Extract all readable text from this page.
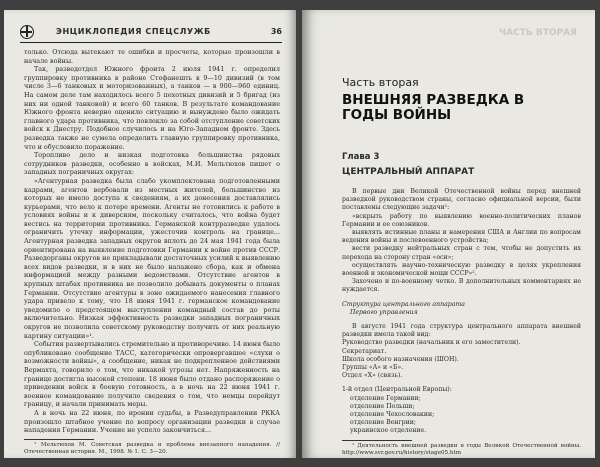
ЭНЦИКЛОПЕДИЯ СПЕЦСЛУЖБ	36

только. Отсюда вытекают те ошибки и просчеты, которые произошли в начале войны.

Так, разведотдел Южного фронта 2 июля 1941 г. определил группировку противника в районе Стефанешть в 9—10 дивизий (в том числе 3—6 танковых и моторизованных), а танков — в 900—960 единиц. На самом деле там находилось всего 5 пехотных дивизий и 5 бригад (из них ни одной танковой) и всего 60 танков. В результате командование Южного фронта неверно оценило ситуацию и вынуждено было ожидать главного удара противника, что повлекло за собой отступление советских войск к Днестру. Подобное случилось и на Юго-Западном фронте. Здесь разведка также не сумела определить главную группировку противника, что и обусловило поражение.

Торопливо дело и низкая подготовка большинства рядовых сотрудников разведки, особенно в войсках, М.И. Мельтюхов пишет о западных пограничных округах:

«Агентурная разведка была слабо укомплектована подготовленными кадрами, агентов вербовали из местных жителей, большинство из которых не имело доступа к сведениям, а их донесения доставлялись курьерами, что вело к потере времени. Агенты не готовились к работе в условиях войны и к диверсиям, поскольку считалось, что война будет вестись на территории противника. Германской контрразведке удалось ограничить утечку информации, ужесточив контроль на границе... Агентурная разведка западных округов вплоть до 24 мая 1941 года была ориентирована на выявление подготовки Германии к войне против СССР. Разведорганы округов не прикладывали достаточных усилий к выявлению всех видов разведки, и в них не было налажено сбора, как и обмена информацией между разными ведомствами. Отсутствие агентов в крупных штабах противника не позволило добывать документы о планах Германии. Отсутствие агентуры в зоне ожидаемого нанесения главного удара привело к тому, что 18 июня 1941 г. германское командование уведомило о предстоящем выступлении командный состав до роты включительно. Низкая эффективность разведки западных пограничных округов не позволила советскому руководству получить от них реальную картину ситуации»¹.

События развертывались стремительно и противоречиво. 14 июня было опубликовано сообщение ТАСС, категорически опровергавшее «слухи о возможности войны», а сообщение, никак не подкрепленное действиями Вермахта, говорило о том, что никакой угрозы нет. Напряженность на границе достигла высокой степени. 18 июня было отдано распоряжение о приведении войск в боевую готовность, а в ночь на 22 июня 1941 г. военное командование получило сведения о том, что немцы перейдут границу, и начали принимать меры.

А в ночь на 22 июня, по иронии судьбы, в Разведуправлении РККА произошло штабное учение по вопросу организации разведки в случае нападения Германии. Учение не успело закончиться...

¹ Мельтюхов М. Советская разведка и проблема внезапного нападения. // Отечественная история. М., 1998. № 1. С. 3—20.

ЧАСТЬ ВТОРАЯ
Часть вторая
ВНЕШНЯЯ РАЗВЕДКА В ГОДЫ ВОЙНЫ
Глава 3
ЦЕНТРАЛЬНЫЙ АППАРАТ

В первые дни Великой Отечественной войны перед внешней разведкой руководством страны, согласно официальной версии, были поставлены следующие задачи¹:

«вскрыть работу по выявлению военно-политических планов Германии и ее союзников.

выявлять истинные планы и намерения США и Англии по вопросам ведения войны и послевоенного устройства;

вести разведку нейтральных стран с тем, чтобы не допустить их перехода на сторону стран «оси»;

осуществлять научно-техническую разведку в целях укрепления военной и экономической мощи СССР»².

Захочено и по-военному четко. В дополнительных комментариях не нуждается.

Структура центрального аппарата

Первого управления

В августе 1941 года структура центрального аппарата внешней разведки имела такой вид:

Руководство разведки (начальник и его заместители).

Секретариат.

Школа особого назначения (ШОН).

Группы «А» и «Б».

Отдел «Х» (связь).

1-й отдел (Центральной Европы):

отделение Германии;

отделение Польши;

отделение Чехословакии;

отделение Венгрии;

украинское отделение.

¹ Деятельность внешней разведки в годы Великой Отечественной войны. http://www.svr.gov.ru/history/stage05.htm
